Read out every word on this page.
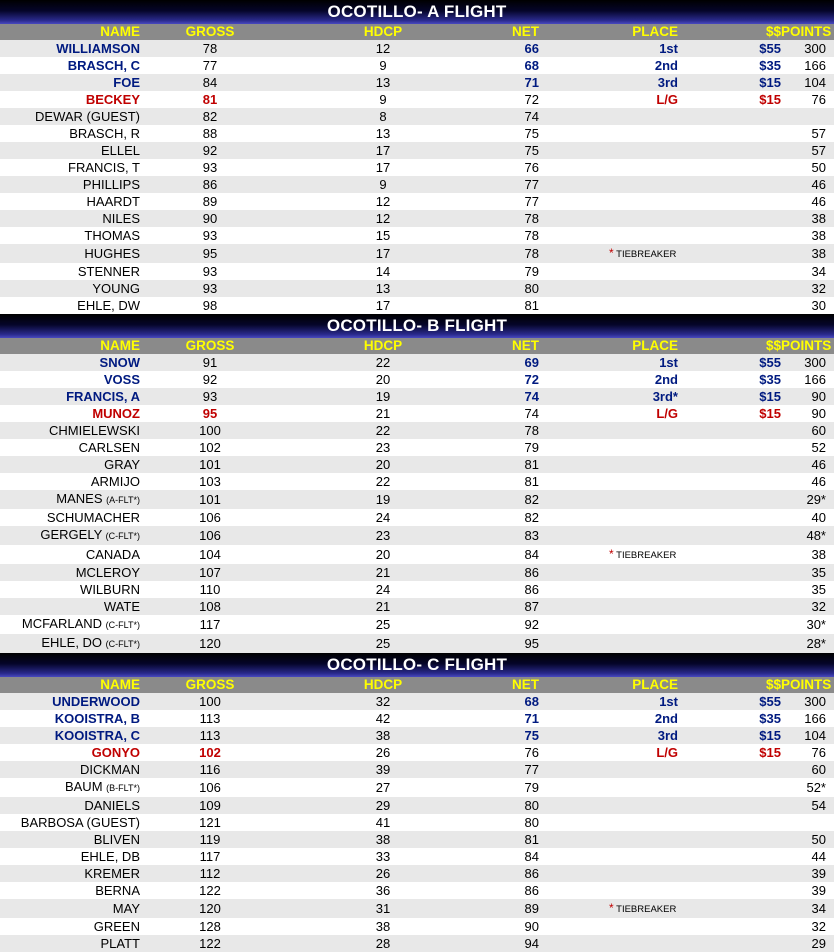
OCOTILLO- A FLIGHT
NAME	GROSS	HDCP	NET	PLACE	$$	POINTS
WILLIAMSON	78	12	66	1st	$55	300
BRASCH, C	77	9	68	2nd	$35	166
FOE	84	13	71	3rd	$15	104
BECKEY	81	9	72	L/G	$15	76
DEWAR (GUEST)	82	8	74			
BRASCH, R	88	13	75			57
ELLEL	92	17	75			57
FRANCIS, T	93	17	76			50
PHILLIPS	86	9	77			46
HAARDT	89	12	77			46
NILES	90	12	78			38
THOMAS	93	15	78			38
HUGHES	95	17	78	* TIEBREAKER		38
STENNER	93	14	79			34
YOUNG	93	13	80			32
EHLE, DW	98	17	81			30
OCOTILLO- B FLIGHT
NAME	GROSS	HDCP	NET	PLACE	$$	POINTS
SNOW	91	22	69	1st	$55	300
VOSS	92	20	72	2nd	$35	166
FRANCIS, A	93	19	74	3rd*	$15	90
MUNOZ	95	21	74	L/G	$15	90
CHMIELEWSKI	100	22	78			60
CARLSEN	102	23	79			52
GRAY	101	20	81			46
ARMIJO	103	22	81			46
MANES (A-FLT*)	101	19	82			29*
SCHUMACHER	106	24	82			40
GERGELY (C-FLT*)	106	23	83			48*
CANADA	104	20	84	* TIEBREAKER		38
MCLEROY	107	21	86			35
WILBURN	110	24	86			35
WATE	108	21	87			32
MCFARLAND (C-FLT*)	117	25	92			30*
EHLE, DO (C-FLT*)	120	25	95			28*
OCOTILLO- C FLIGHT
NAME	GROSS	HDCP	NET	PLACE	$$	POINTS
UNDERWOOD	100	32	68	1st	$55	300
KOOISTRA, B	113	42	71	2nd	$35	166
KOOISTRA, C	113	38	75	3rd	$15	104
GONYO	102	26	76	L/G	$15	76
DICKMAN	116	39	77			60
BAUM (B-FLT*)	106	27	79			52*
DANIELS	109	29	80			54
BARBOSA (GUEST)	121	41	80			
BLIVEN	119	38	81			50
EHLE, DB	117	33	84			44
KREMER	112	26	86			39
BERNA	122	36	86			39
MAY	120	31	89	* TIEBREAKER		34
GREEN	128	38	90			32
PLATT	122	28	94			29
